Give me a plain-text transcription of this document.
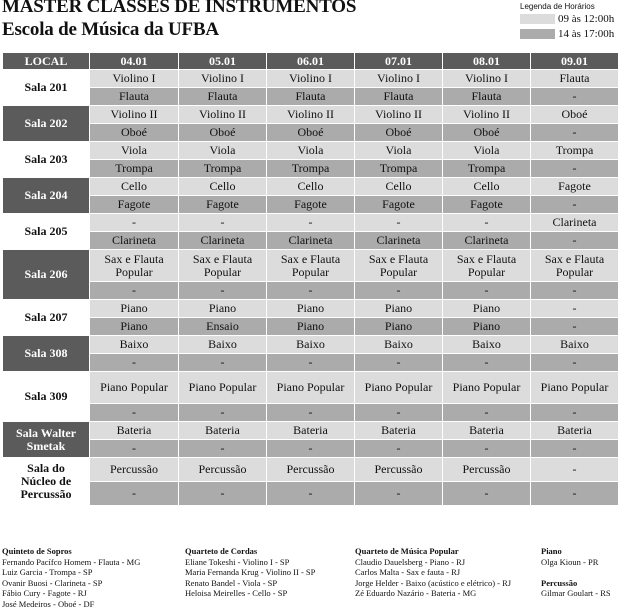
MASTER CLASSES DE INSTRUMENTOS
Escola de Música da UFBA
Legenda de Horários
09 às 12:00h
14 às 17:00h
LOCAL	04.01	05.01	06.01	07.01	08.01	09.01
Sala 201	Violino I	Violino I	Violino I	Violino I	Violino I	Flauta
	Flauta	Flauta	Flauta	Flauta	Flauta	-
Sala 202	Violino II	Violino II	Violino II	Violino II	Violino II	Oboé
	Oboé	Oboé	Oboé	Oboé	Oboé	-
Sala 203	Viola	Viola	Viola	Viola	Viola	Trompa
	Trompa	Trompa	Trompa	Trompa	Trompa	-
Sala 204	Cello	Cello	Cello	Cello	Cello	Fagote
	Fagote	Fagote	Fagote	Fagote	Fagote	-
Sala 205	-	-	-	-	-	Clarineta
	Clarineta	Clarineta	Clarineta	Clarineta	Clarineta	-
Sala 206	Sax e Flauta Popular	Sax e Flauta Popular	Sax e Flauta Popular	Sax e Flauta Popular	Sax e Flauta Popular	Sax e Flauta Popular
	-	-	-	-	-	-
Sala 207	Piano	Piano	Piano	Piano	Piano	-
	Piano	Ensaio	Piano	Piano	Piano	-
Sala 308	Baixo	Baixo	Baixo	Baixo	Baixo	Baixo
	-	-	-	-	-	-
Sala 309	Piano Popular	Piano Popular	Piano Popular	Piano Popular	Piano Popular	Piano Popular
	-	-	-	-	-	-
Sala Walter Smetak	Bateria	Bateria	Bateria	Bateria	Bateria	Bateria
	-	-	-	-	-	-
Sala do Núcleo de Percussão	Percussão	Percussão	Percussão	Percussão	Percussão	-
	-	-	-	-	-	-
Quinteto de Sopros
Fernando Pacífco Homem - Flauta - MG
Luiz Garcia - Trompa - SP
Ovanir Buosi - Clarineta - SP
Fábio Cury - Fagote - RJ
José Medeiros - Oboé - DF
Quarteto de Cordas
Eliane Tokeshi - Violino I - SP
Maria Fernanda Krug - Violino II - SP
Renato Bandel - Viola - SP
Heloisa Meirelles - Cello - SP
Quarteto de Música Popular
Claudio Dauelsberg - Piano - RJ
Carlos Malta - Sax e fauta - RJ
Jorge Helder - Baixo (acústico e elétrico) - RJ
Zé Eduardo Nazário - Bateria - MG
Piano
Olga Kioun - PR
Percussão
Gilmar Goulart - RS
